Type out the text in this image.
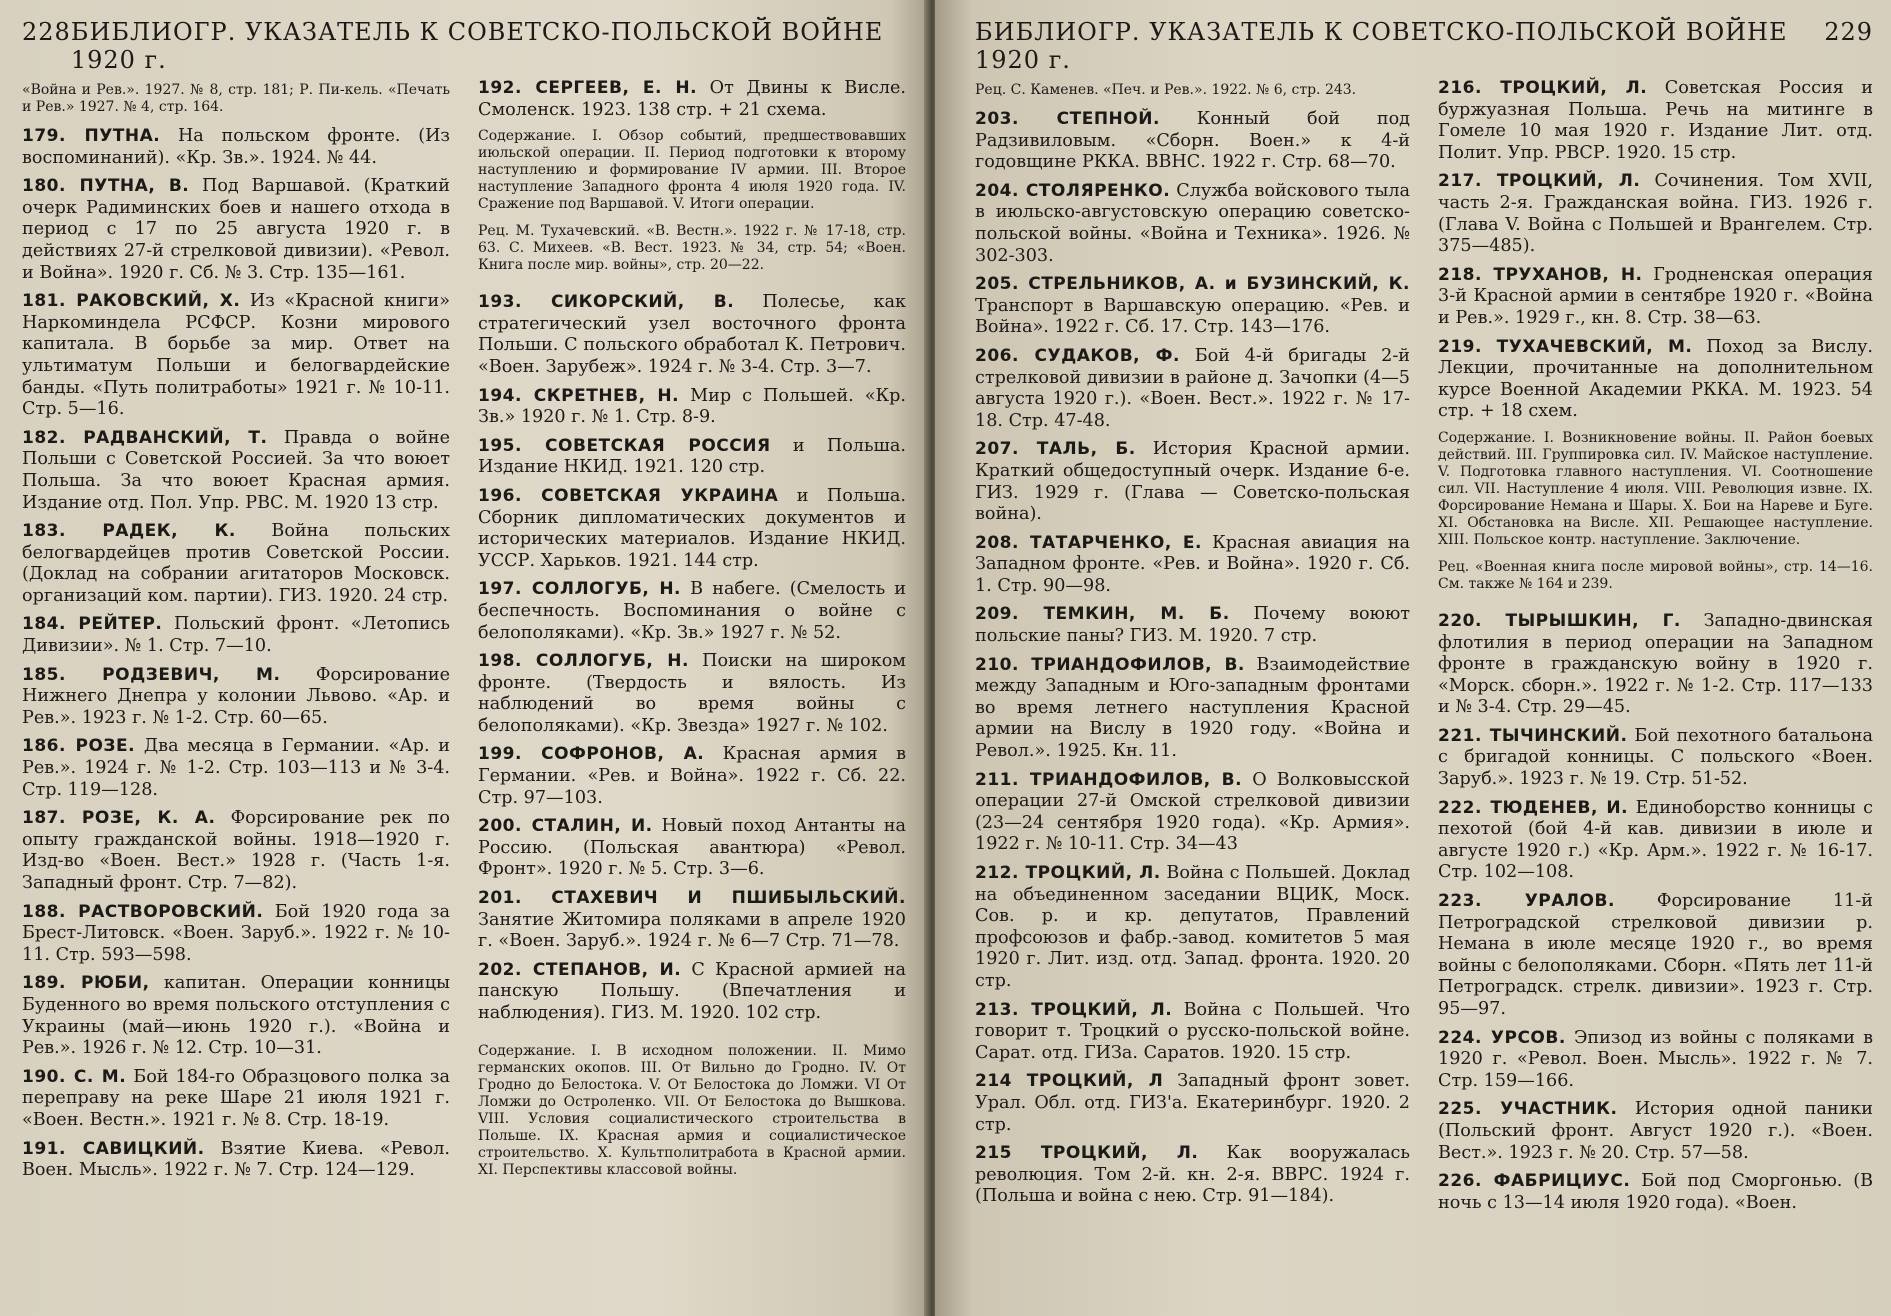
228 БИБЛИОГР. УКАЗАТЕЛЬ К СОВЕТСКО-ПОЛЬСКОЙ ВОЙНЕ 1920 г.

«Война и Рев.». 1927. № 8, стр. 181; Р. Пи-кель. «Печать и Рев.» 1927. № 4, стр. 164.

179. ПУТНА. На польском фронте. (Из воспоминаний). «Кр. Зв.». 1924. № 44.

180. ПУТНА, В. Под Варшавой. (Краткий очерк Радиминских боев и нашего отхода в период с 17 по 25 августа 1920 г. в действиях 27-й стрелковой дивизии). «Револ. и Война». 1920 г. Сб. № 3. Стр. 135—161.

181. РАКОВСКИЙ, Х. Из «Красной книги» Наркоминдела РСФСР. Козни мирового капитала. В борьбе за мир. Ответ на ультиматум Польши и белогвардейские банды. «Путь политработы» 1921 г. № 10-11. Стр. 5—16.

182. РАДВАНСКИЙ, Т. Правда о войне Польши с Советской Россией. За что воюет Польша. За что воюет Красная армия. Издание отд. Пол. Упр. РВС. М. 1920 13 стр.

183. РАДЕК, К. Война польских белогвардейцев против Советской России. (Доклад на собрании агитаторов Московск. организаций ком. партии). ГИЗ. 1920. 24 стр.

184. РЕЙТЕР. Польский фронт. «Летопись Дивизии». № 1. Стр. 7—10.

185. РОДЗЕВИЧ, М. Форсирование Нижнего Днепра у колонии Львово. «Ар. и Рев.». 1923 г. № 1-2. Стр. 60—65.

186. РОЗЕ. Два месяца в Германии. «Ар. и Рев.». 1924 г. № 1-2. Стр. 103—113 и № 3-4. Стр. 119—128.

187. РОЗЕ, К. А. Форсирование рек по опыту гражданской войны. 1918—1920 г. Изд-во «Воен. Вест.» 1928 г. (Часть 1-я. Западный фронт. Стр. 7—82).

188. РАСТВОРОВСКИЙ. Бой 1920 года за Брест-Литовск. «Воен. Заруб.». 1922 г. № 10-11. Стр. 593—598.

189. РЮБИ, капитан. Операции конницы Буденного во время польского отступления с Украины (май—июнь 1920 г.). «Война и Рев.». 1926 г. № 12. Стр. 10—31.

190. С. М. Бой 184-го Образцового полка за переправу на реке Шаре 21 июля 1921 г. «Воен. Вестн.». 1921 г. № 8. Стр. 18-19.

191. САВИЦКИЙ. Взятие Киева. «Револ. Воен. Мысль». 1922 г. № 7. Стр. 124—129.

192. СЕРГЕЕВ, Е. Н. От Двины к Висле. Смоленск. 1923. 138 стр. + 21 схема.

Содержание. I. Обзор событий, предшествовавших июльской операции. II. Период подготовки к второму наступлению и формирование IV армии. III. Второе наступление Западного фронта 4 июля 1920 года. IV. Сражение под Варшавой. V. Итоги операции.

Рец. М. Тухачевский. «В. Вестн.». 1922 г. № 17-18, стр. 63. С. Михеев. «В. Вест. 1923. № 34, стр. 54; «Воен. Книга после мир. войны», стр. 20—22.

193. СИКОРСКИЙ, В. Полесье, как стратегический узел восточного фронта Польши. С польского обработал К. Петрович. «Воен. Зарубеж». 1924 г. № 3-4. Стр. 3—7.

194. СКРЕТНЕВ, Н. Мир с Польшей. «Кр. Зв.» 1920 г. № 1. Стр. 8-9.

195. СОВЕТСКАЯ РОССИЯ и Польша. Издание НКИД. 1921. 120 стр.

196. СОВЕТСКАЯ УКРАИНА и Польша. Сборник дипломатических документов и исторических материалов. Издание НКИД. УССР. Харьков. 1921. 144 стр.

197. СОЛЛОГУБ, Н. В набеге. (Смелость и беспечность. Воспоминания о войне с белополяками). «Кр. Зв.» 1927 г. № 52.

198. СОЛЛОГУБ, Н. Поиски на широком фронте. (Твердость и вялость. Из наблюдений во время войны с белополяками). «Кр. Звезда» 1927 г. № 102.

199. СОФРОНОВ, А. Красная армия в Германии. «Рев. и Война». 1922 г. Сб. 22. Стр. 97—103.

200. СТАЛИН, И. Новый поход Антанты на Россию. (Польская авантюра) «Револ. Фронт». 1920 г. № 5. Стр. 3—6.

201. СТАХЕВИЧ И ПШИБЫЛЬСКИЙ. Занятие Житомира поляками в апреле 1920 г. «Воен. Заруб.». 1924 г. № 6—7 Стр. 71—78.

202. СТЕПАНОВ, И. С Красной армией на панскую Польшу. (Впечатления и наблюдения). ГИЗ. М. 1920. 102 стр.

Содержание. I. В исходном положении. II. Мимо германских окопов. III. От Вильно до Гродно. IV. От Гродно до Белостока. V. От Белостока до Ломжи. VI От Ломжи до Остроленко. VII. От Белостока до Вышкова. VIII. Условия социалистического строительства в Польше. IX. Красная армия и социалистическое строительство. X. Культполитработа в Красной армии. XI. Перспективы классовой войны.

БИБЛИОГР. УКАЗАТЕЛЬ К СОВЕТСКО-ПОЛЬСКОЙ ВОЙНЕ 1920 г.
229

Рец. С. Каменев. «Печ. и Рев.». 1922. № 6, стр. 243.

203. СТЕПНОЙ. Конный бой под Радзивиловым. «Сборн. Воен.» к 4-й годовщине РККА. ВВНС. 1922 г. Стр. 68—70.

204. СТОЛЯРЕНКО. Служба войскового тыла в июльско-августовскую операцию советско-польской войны. «Война и Техника». 1926. № 302-303.

205. СТРЕЛЬНИКОВ, А. и БУЗИНСКИЙ, К. Транспорт в Варшавскую операцию. «Рев. и Война». 1922 г. Сб. 17. Стр. 143—176.

206. СУДАКОВ, Ф. Бой 4-й бригады 2-й стрелковой дивизии в районе д. Зачопки (4—5 августа 1920 г.). «Воен. Вест.». 1922 г. № 17-18. Стр. 47-48.

207. ТАЛЬ, Б. История Красной армии. Краткий общедоступный очерк. Издание 6-е. ГИЗ. 1929 г. (Глава — Советско-польская война).

208. ТАТАРЧЕНКО, Е. Красная авиация на Западном фронте. «Рев. и Война». 1920 г. Сб. 1. Стр. 90—98.

209. ТЕМКИН, М. Б. Почему воюют польские паны? ГИЗ. М. 1920. 7 стр.

210. ТРИАНДОФИЛОВ, В. Взаимодействие между Западным и Юго-западным фронтами во время летнего наступления Красной армии на Вислу в 1920 году. «Война и Револ.». 1925. Кн. 11.

211. ТРИАНДОФИЛОВ, В. О Волковысской операции 27-й Омской стрелковой дивизии (23—24 сентября 1920 года). «Кр. Армия». 1922 г. № 10-11. Стр. 34—43

212. ТРОЦКИЙ, Л. Война с Польшей. Доклад на объединенном заседании ВЦИК, Моск. Сов. р. и кр. депутатов, Правлений профсоюзов и фабр.-завод. комитетов 5 мая 1920 г. Лит. изд. отд. Запад. фронта. 1920. 20 стр.

213. ТРОЦКИЙ, Л. Война с Польшей. Что говорит т. Троцкий о русско-польской войне. Сарат. отд. ГИЗа. Саратов. 1920. 15 стр.

214 ТРОЦКИЙ, Л Западный фронт зовет. Урал. Обл. отд. ГИЗ'а. Екатеринбург. 1920. 2 стр.

215 ТРОЦКИЙ, Л. Как вооружалась революция. Том 2-й. кн. 2-я. ВВРС. 1924 г. (Польша и война с нею. Стр. 91—184).

216. ТРОЦКИЙ, Л. Советская Россия и буржуазная Польша. Речь на митинге в Гомеле 10 мая 1920 г. Издание Лит. отд. Полит. Упр. РВСР. 1920. 15 стр.

217. ТРОЦКИЙ, Л. Сочинения. Том XVII, часть 2-я. Гражданская война. ГИЗ. 1926 г. (Глава V. Война с Польшей и Врангелем. Стр. 375—485).

218. ТРУХАНОВ, Н. Гродненская операция 3-й Красной армии в сентябре 1920 г. «Война и Рев.». 1929 г., кн. 8. Стр. 38—63.

219. ТУХАЧЕВСКИЙ, М. Поход за Вислу. Лекции, прочитанные на дополнительном курсе Военной Академии РККА. М. 1923. 54 стр. + 18 схем.

Содержание. I. Возникновение войны. II. Район боевых действий. III. Группировка сил. IV. Майское наступление. V. Подготовка главного наступления. VI. Соотношение сил. VII. Наступление 4 июля. VIII. Революция извне. IX. Форсирование Немана и Шары. X. Бои на Нареве и Буге. XI. Обстановка на Висле. XII. Решающее наступление. XIII. Польское контр. наступление. Заключение.

Рец. «Военная книга после мировой войны», стр. 14—16. См. также № 164 и 239.

220. ТЫРЫШКИН, Г. Западно-двинская флотилия в период операции на Западном фронте в гражданскую войну в 1920 г. «Морск. сборн.». 1922 г. № 1-2. Стр. 117—133 и № 3-4. Стр. 29—45.

221. ТЫЧИНСКИЙ. Бой пехотного батальона с бригадой конницы. С польского «Воен. Заруб.». 1923 г. № 19. Стр. 51-52.

222. ТЮДЕНЕВ, И. Единоборство конницы с пехотой (бой 4-й кав. дивизии в июле и августе 1920 г.) «Кр. Арм.». 1922 г. № 16-17. Стр. 102—108.

223. УРАЛОВ. Форсирование 11-й Петроградской стрелковой дивизии р. Немана в июле месяце 1920 г., во время войны с белополяками. Сборн. «Пять лет 11-й Петроградск. стрелк. дивизии». 1923 г. Стр. 95—97.

224. УРСОВ. Эпизод из войны с поляками в 1920 г. «Револ. Воен. Мысль». 1922 г. № 7. Стр. 159—166.

225. УЧАСТНИК. История одной паники (Польский фронт. Август 1920 г.). «Воен. Вест.». 1923 г. № 20. Стр. 57—58.

226. ФАБРИЦИУС. Бой под Сморгонью. (В ночь с 13—14 июля 1920 года). «Воен.
